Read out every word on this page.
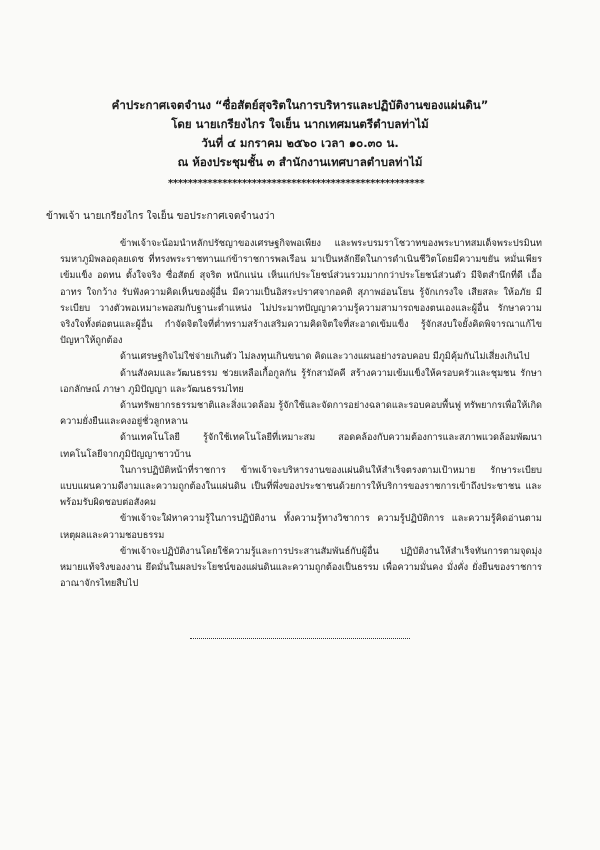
คำประกาศเจตจำนง “ซื่อสัตย์สุจริตในการบริหารและปฏิบัติงานของแผ่นดิน”
โดย นายเกรียงไกร ใจเย็น นากเทศมนตรีตำบลท่าไม้
วันที่ ๔ มกราคม ๒๕๖๐ เวลา ๑๐.๓๐ น.
ณ ห้องประชุมชั้น ๓ สำนักงานเทศบาลตำบลท่าไม้
****************************************************
ข้าพเจ้า นายเกรียงไกร ใจเย็น ขอประกาศเจตจำนงว่า

ข้าพเจ้าจะน้อมนำหลักปรัชญาของเศรษฐกิจพอเพียง และพระบรมราโชวาทของพระบาทสมเด็จพระปรมินทรมหาภูมิพลอดุลยเดช ที่ทรงพระราชทานแก่ข้าราชการพลเรือน มาเป็นหลักยึดในการดำเนินชีวิตโดยมีความขยัน หมั่นเพียร เข้มแข็ง อดทน ตั้งใจจริง ซื่อสัตย์ สุจริต หนักแน่น เห็นแก่ประโยชน์ส่วนรวมมากกว่าประโยชน์ส่วนตัว มีจิตสำนึกที่ดี เอื้ออาทร ใจกว้าง รับฟังความคิดเห็นของผู้อื่น มีความเป็นอิสระปราศจากอคติ สุภาพอ่อนโยน รู้จักเกรงใจ เสียสละ ให้อภัย มีระเบียบ วางตัวพอเหมาะพอสมกับฐานะตำแหน่ง ไม่ประมาทปัญญาความรู้ความสามารถของตนเองและผู้อื่น รักษาความจริงใจทั้งต่อตนและผู้อื่น กำจัดจิตใจที่ต่ำทรามสร้างเสริมความคิดจิตใจที่สะอาดเข้มแข็ง รู้จักสงบใจยั้งคิดพิจารณาแก้ไขปัญหาให้ถูกต้อง

ด้านเศรษฐกิจไม่ใช่จ่ายเกินตัว ไม่ลงทุนเกินขนาด คิดและวางแผนอย่างรอบคอบ มีภูมิคุ้มกันไม่เสี่ยงเกินไป

ด้านสังคมและวัฒนธรรม ช่วยเหลือเกื้อกูลกัน รู้รักสามัคคี สร้างความเข้มแข็งให้ครอบครัวและชุมชน รักษาเอกลักษณ์ ภาษา ภูมิปัญญา และวัฒนธรรมไทย

ด้านทรัพยากรธรรมชาติและสิ่งแวดล้อม รู้จักใช้และจัดการอย่างฉลาดและรอบคอบพื้นฟู ทรัพยากรเพื่อให้เกิดความยั่งยืนและคงอยู่ชั่วลูกหลาน

ด้านเทคโนโลยี รู้จักใช้เทคโนโลยีที่เหมาะสม สอดคล้องกับความต้องการและสภาพแวดล้อมพัฒนาเทคโนโลยีจากภูมิปัญญาชาวบ้าน

ในการปฏิบัติหน้าที่ราชการ ข้าพเจ้าจะบริหารงานของแผ่นดินให้สำเร็จตรงตามเป้าหมาย รักษาระเบียบแบบแผนความดีงามและความถูกต้องในแผ่นดิน เป็นที่พึ่งของประชาชนด้วยการให้บริการของราชการเข้าถึงประชาชน และพร้อมรับผิดชอบต่อสังคม

ข้าพเจ้าจะใฝ่หาความรู้ในการปฏิบัติงาน ทั้งความรู้ทางวิชาการ ความรู้ปฏิบัติการ และความรู้คิดอ่านตามเหตุผลและความชอบธรรม

ข้าพเจ้าจะปฏิบัติงานโดยใช้ความรู้และการประสานสัมพันธ์กับผู้อื่น ปฏิบัติงานให้สำเร็จทันการตามจุดมุ่งหมายแท้จริงของงาน ยึดมั่นในผลประโยชน์ของแผ่นดินและความถูกต้องเป็นธรรม เพื่อความมั่นคง มั่งคั่ง ยั่งยืนของราชการอาณาจักรไทยสืบไป
